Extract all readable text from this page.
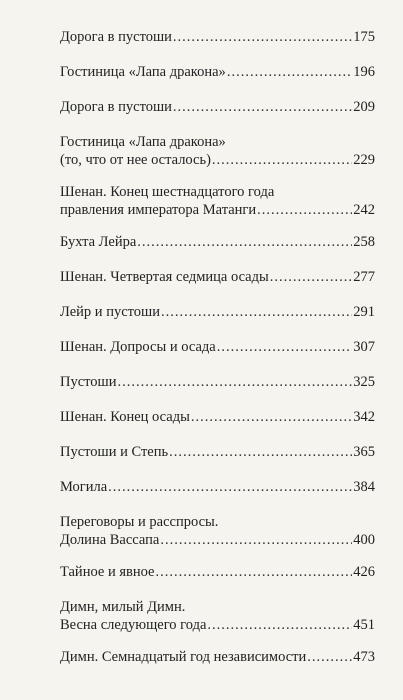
Дорога в пустоши .....	175
Гостиница «Лапа дракона» .....	196
Дорога в пустоши .....	209
Гостиница «Лапа дракона»
(то, что от нее осталось) .....	229
Шенан. Конец шестнадцатого года
правления императора Матанги .....	242
Бухта Лейра .....	258
Шенан. Четвертая седмица осады .....	277
Лейр и пустоши .....	291
Шенан. Допросы и осада .....	307
Пустоши .....	325
Шенан. Конец осады .....	342
Пустоши и Степь .....	365
Могила .....	384
Переговоры и расспросы.
Долина Вассапа .....	400
Тайное и явное .....	426
Димн, милый Димн.
Весна следующего года .....	451
Димн. Семнадцатый год независимости .....	473
